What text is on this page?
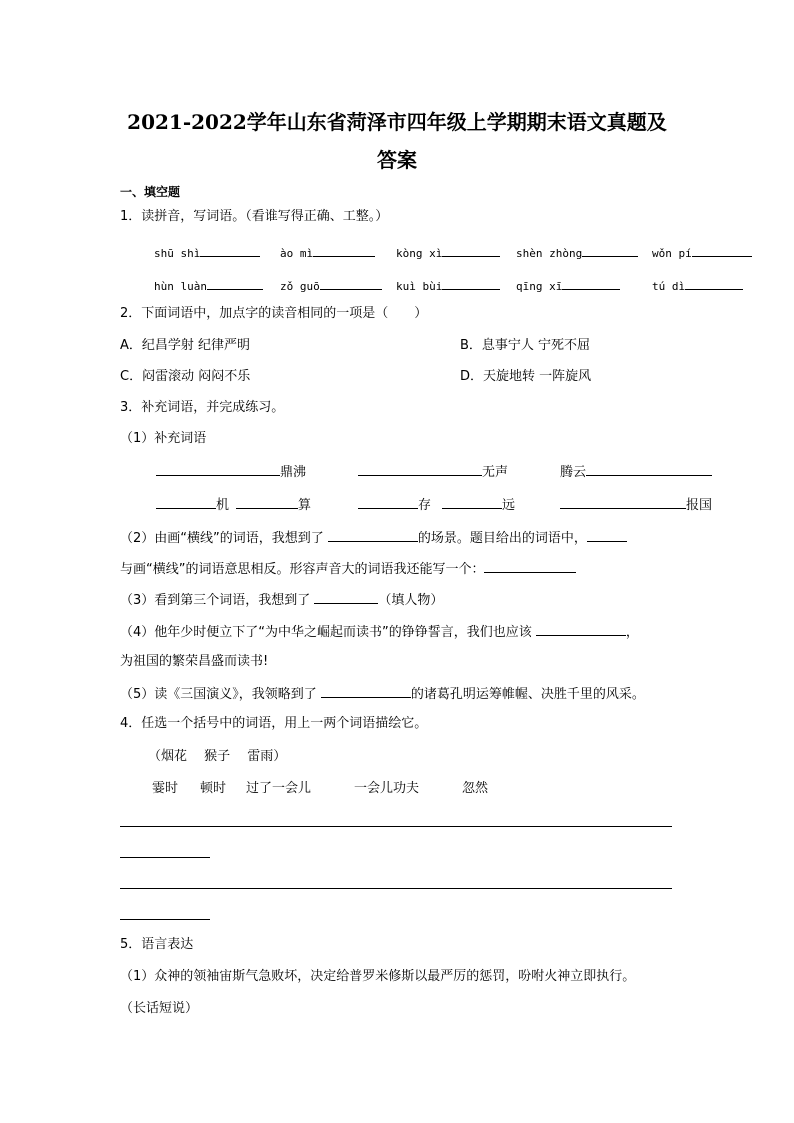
2021-2022学年山东省菏泽市四年级上学期期末语文真题及
答案
一、填空题
1．读拼音，写词语。（看谁写得正确、工整。）
shū shì	ào mì	kòng xì	shèn zhòng	wǒn pí
hùn luàn	zǒ guō	kuì bùi	qīng xī	tú dì
2．下面词语中，加点字的读音相同的一项是（　　）
A．纪昌学射 纪律严明	B．息事宁人 宁死不屈
C．闷雷滚动 闷闷不乐	D．天旋地转 一阵旋风
3．补充词语，并完成练习。
（1）补充词语
鼎沸	无声	腾云
机	算	存	远	报国
（2）由画“横线”的词语，我想到了	的场景。题目给出的词语中，
与画“横线”的词语意思相反。形容声音大的词语我还能写一个：
（3）看到第三个词语，我想到了	（填人物）
（4）他年少时便立下了“为中华之崛起而读书”的铮铮誓言，我们也应该	，
为祖国的繁荣昌盛而读书!
（5）读《三国演义》，我领略到了	的诸葛孔明运筹帷幄、决胜千里的风采。
4．任选一个括号中的词语，用上一两个词语描绘它。
（烟花　 猴子　 雷雨）
霎时 顿时 过了一会儿	一会儿功夫	忽然
5．语言表达
（1）众神的领袖宙斯气急败坏，决定给普罗米修斯以最严厉的惩罚，吩咐火神立即执行。
（长话短说）
